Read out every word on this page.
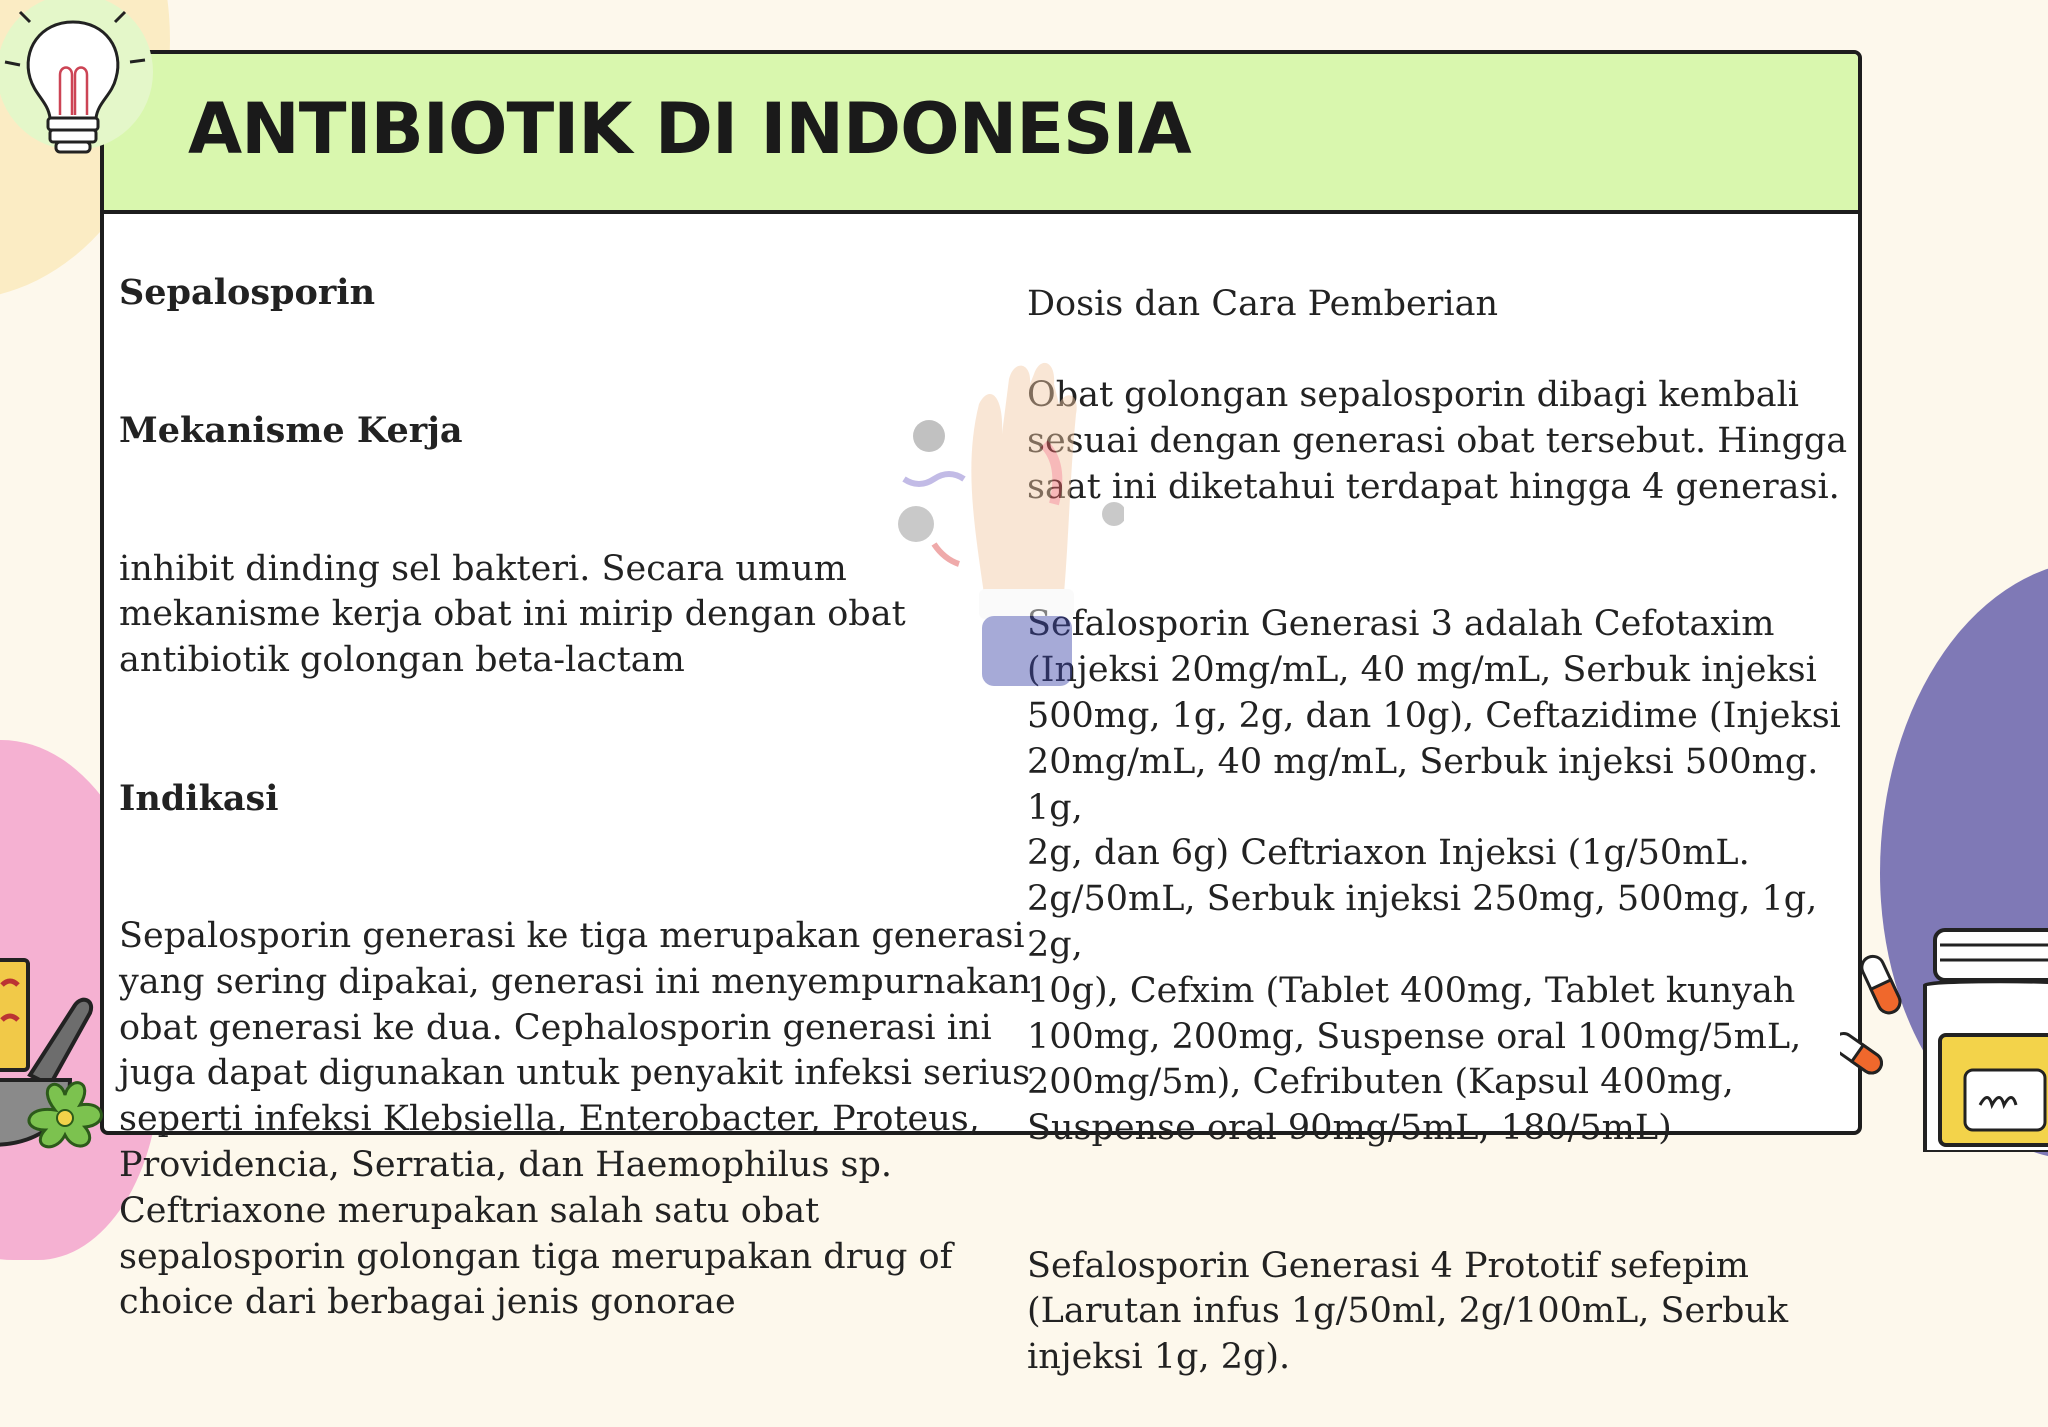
ANTIBIOTIK DI INDONESIA

Sepalosporin

Mekanisme Kerja

inhibit dinding sel bakteri. Secara umum
mekanisme kerja obat ini mirip dengan obat
antibiotik golongan beta-lactam

Indikasi

Sepalosporin generasi ke tiga merupakan generasi
yang sering dipakai, generasi ini menyempurnakan
obat generasi ke dua. Cephalosporin generasi ini
juga dapat digunakan untuk penyakit infeksi serius
seperti infeksi Klebsiella, Enterobacter, Proteus,
Providencia, Serratia, dan Haemophilus sp.
Ceftriaxone merupakan salah satu obat
sepalosporin golongan tiga merupakan drug of
choice dari berbagai jenis gonorae

Dosis dan Cara Pemberian

golongan sepalosporin dibagi kembali
sesuai dengan generasi obat tersebut. Hingga
ini diketahui terdapat hingga 4 generasi.

Sefalosporin Generasi 3 adalah Cefotaxim
(Injeksi 20mg/mL, 40 mg/mL, Serbuk injeksi
500mg, 1g, 2g, dan 10g), Ceftazidime (Injeksi
20mg/mL, 40 mg/mL, Serbuk injeksi 500mg. 1g,
2g, dan 6g) Ceftriaxon Injeksi (1g/50mL.
2g/50mL, Serbuk injeksi 250mg, 500mg, 1g, 2g,
10g), Cefxim (Tablet 400mg, Tablet kunyah
100mg, 200mg, Suspense oral 100mg/5mL,
200mg/5m), Cefributen (Kapsul 400mg,
Suspense oral 90mg/5mL, 180/5mL)

Sefalosporin Generasi 4 Prototif sefepim
(Larutan infus 1g/50ml, 2g/100mL, Serbuk
injeksi 1g, 2g).
